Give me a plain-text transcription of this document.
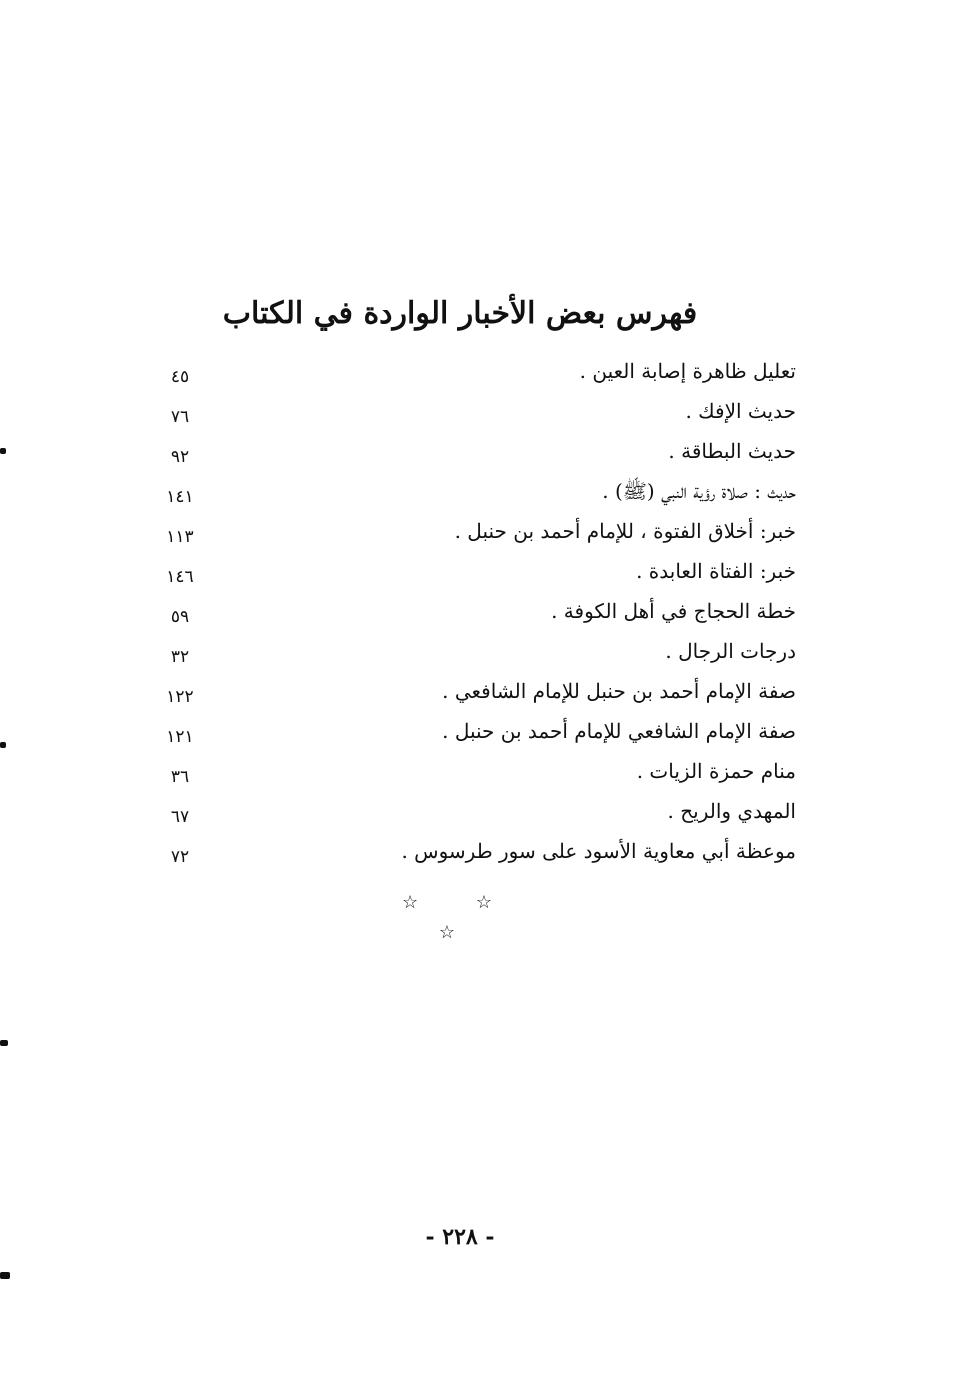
فهرس بعض الأخبار الواردة في الكتاب
تعليل ظاهرة إصابة العين .
٤٥
حديث الإفك .
٧٦
حديث البطاقة .
٩٢
حديث : صلاة رؤية النبي (ﷺ) .
١٤١
خبر: أخلاق الفتوة ، للإمام أحمد بن حنبل .
١١٣
خبر: الفتاة العابدة .
١٤٦
خطة الحجاج في أهل الكوفة .
٥٩
درجات الرجال .
٣٢
صفة الإمام أحمد بن حنبل للإمام الشافعي .
١٢٢
صفة الإمام الشافعي للإمام أحمد بن حنبل .
١٢١
منام حمزة الزيات .
٣٦
المهدي والريح .
٦٧
موعظة أبي معاوية الأسود على سور طرسوس .
٧٢

☆ ☆ ☆

- ٢٢٨ -
